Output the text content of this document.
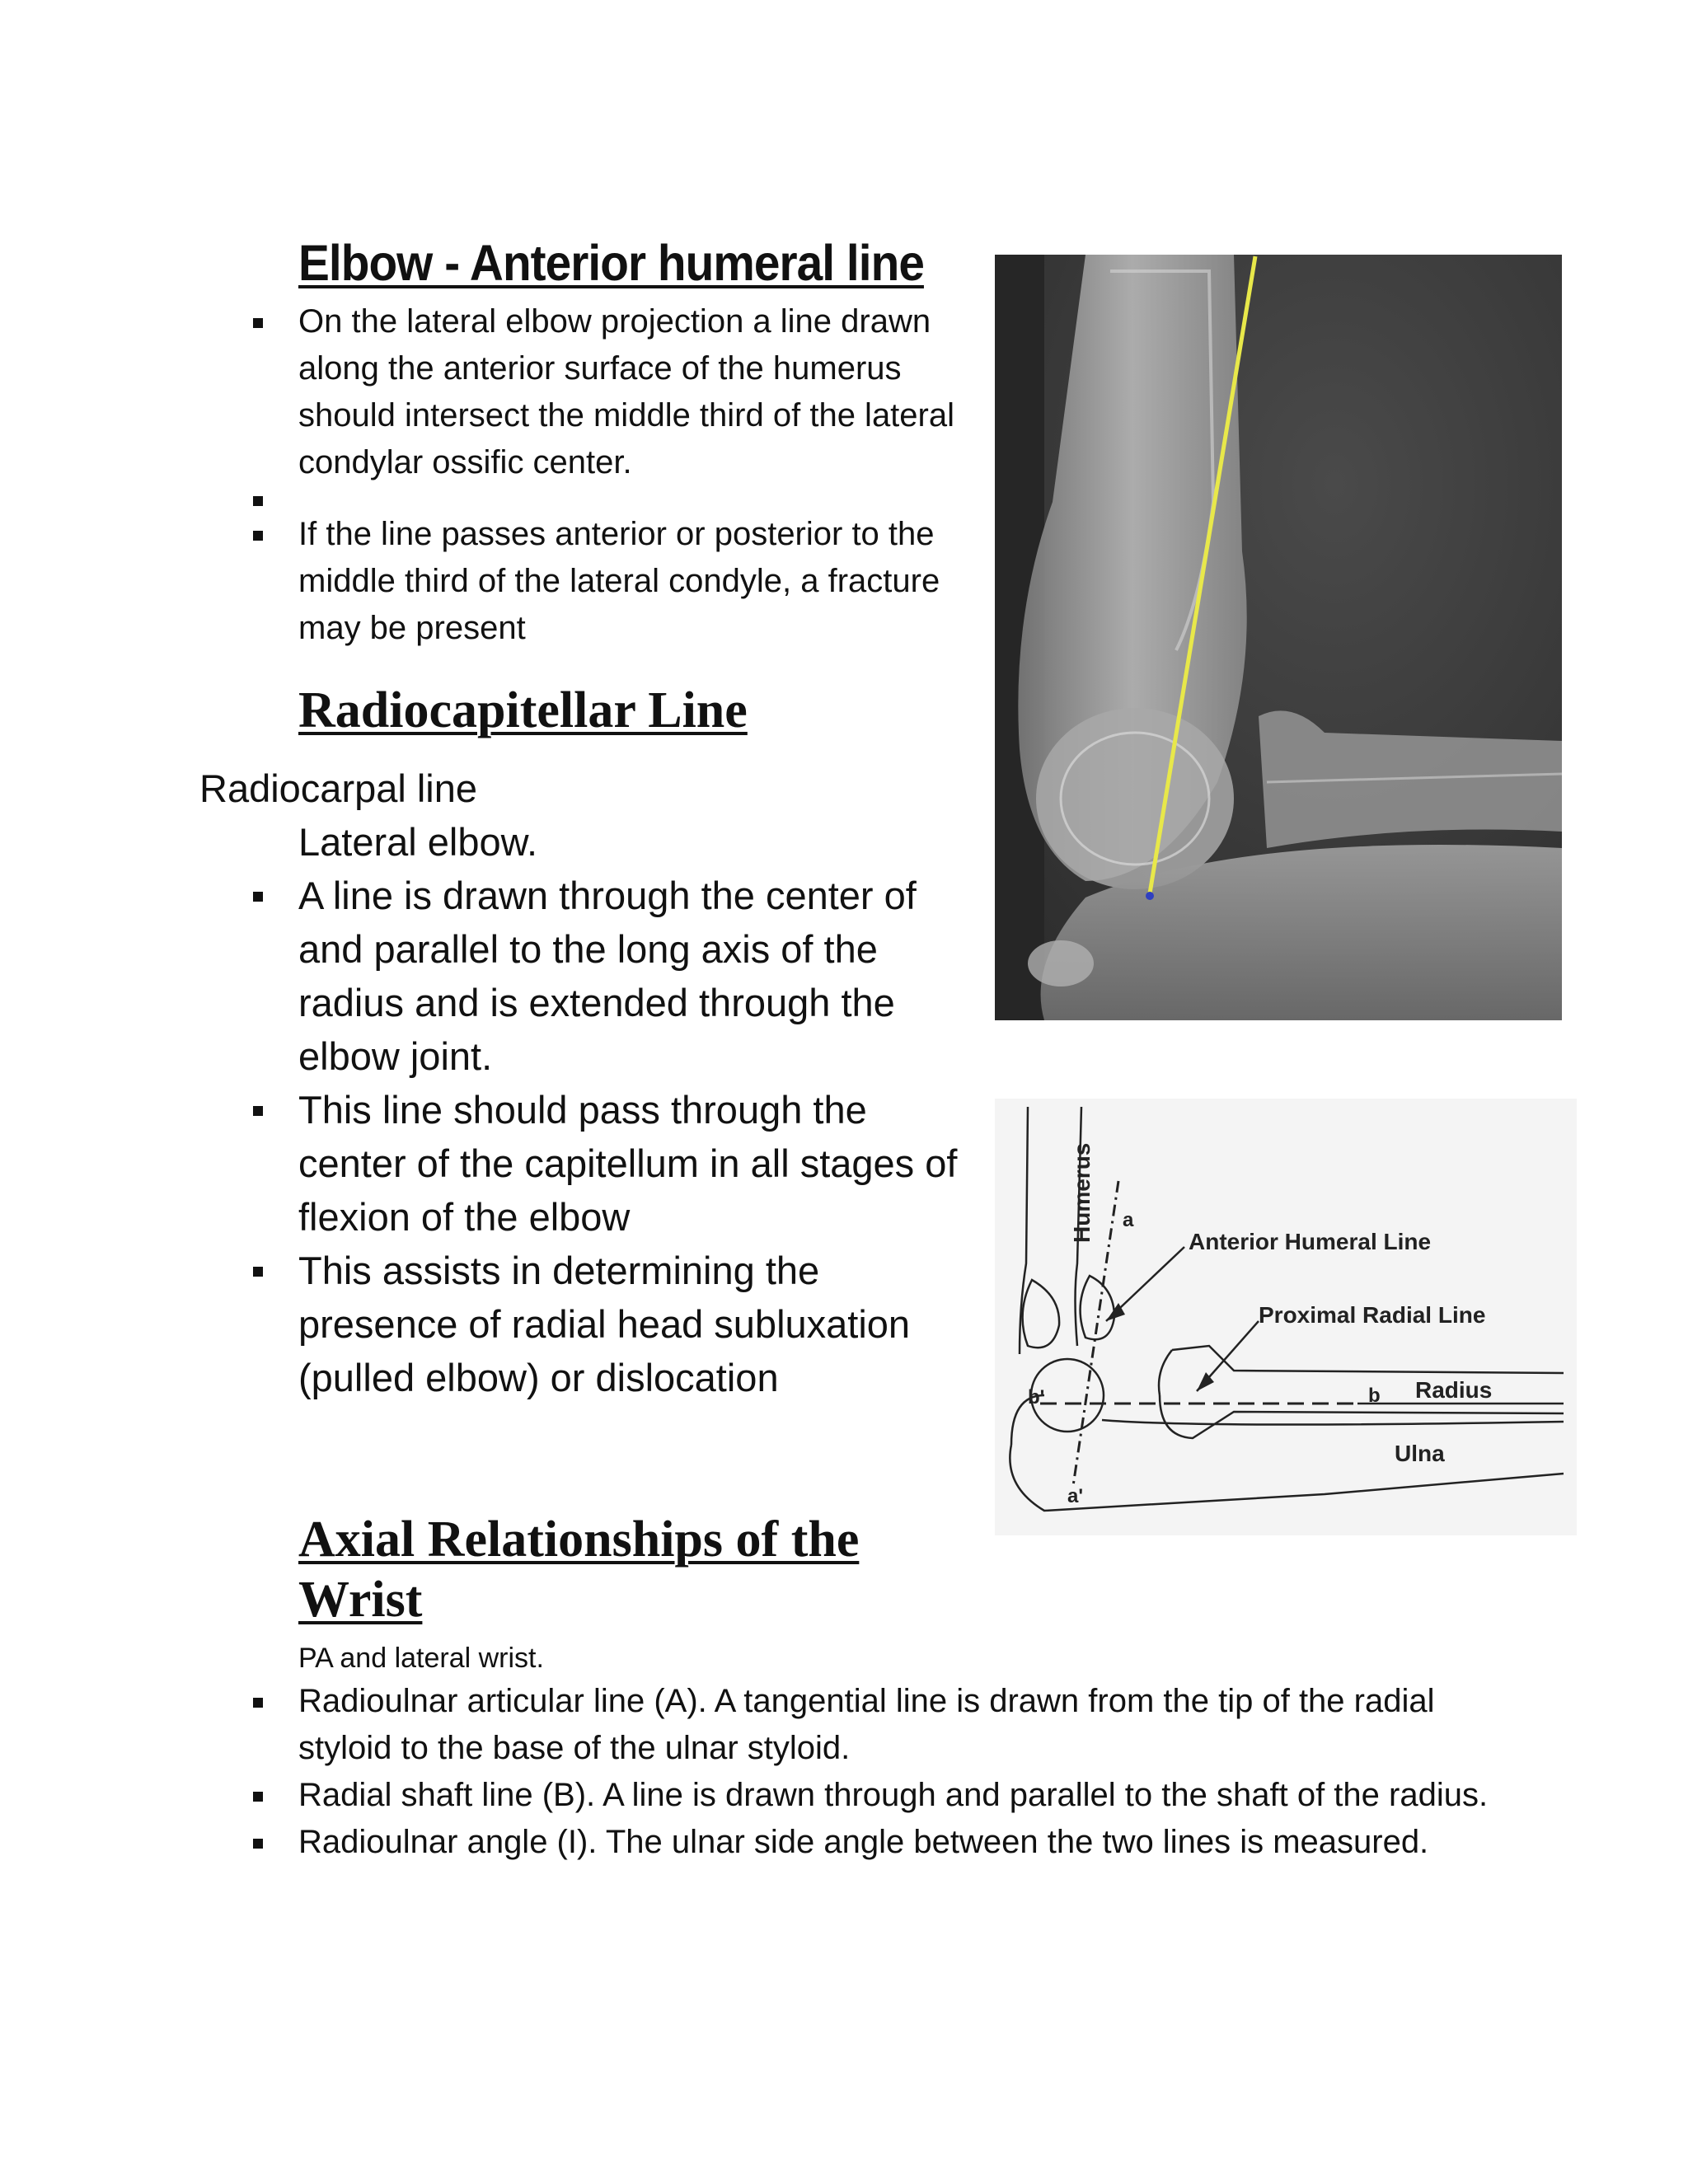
Elbow - Anterior humeral line
On the lateral elbow projection a line drawn along the anterior surface of the humerus should intersect the middle third of the lateral condylar ossific center.
If the line passes anterior or posterior to the middle third of the lateral condyle, a fracture may be present
Radiocapitellar Line
Radiocarpal line
Lateral elbow.
A line is drawn through the center of and parallel to the long axis of the radius and is extended through the elbow joint.
This line should pass through the center of the capitellum in all stages of flexion of the elbow
This assists in determining the presence of radial head subluxation (pulled elbow) or dislocation
Axial Relationships of the Wrist
PA and lateral wrist.
Radioulnar articular line (A). A tangential line is drawn from the tip of the radial styloid to the base of the ulnar styloid.
Radial shaft line (B). A line is drawn through and parallel to the shaft of the radius.
Radioulnar angle (I). The ulnar side angle between the two lines is measured.
Humerus a
Anterior Humeral Line
Proximal Radial Line
b'	b Radius
Ulna
a'
